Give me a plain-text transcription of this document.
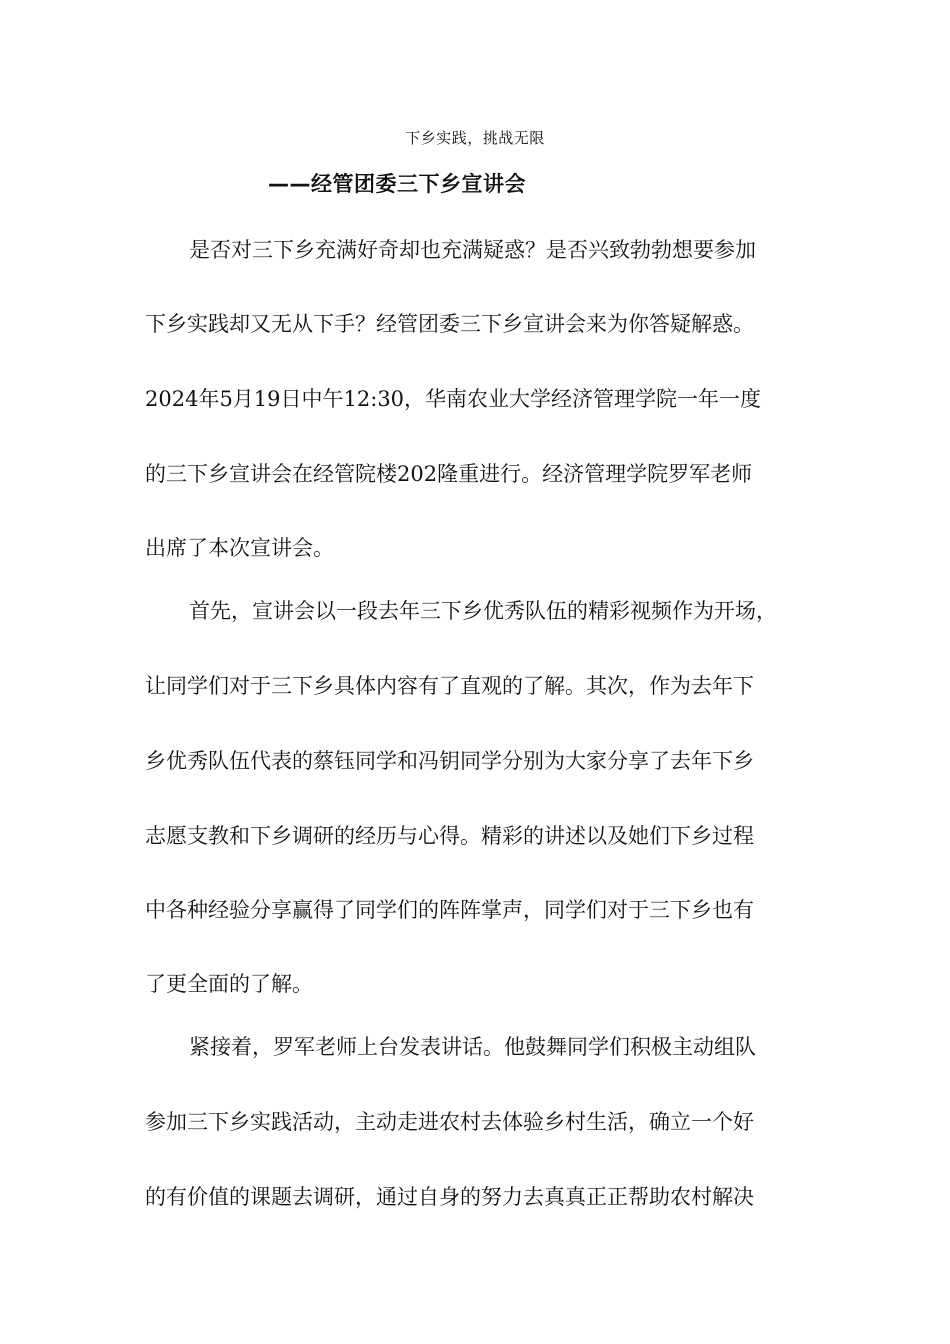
下乡实践，挑战无限
——经管团委三下乡宣讲会
是否对三下乡充满好奇却也充满疑惑？是否兴致勃勃想要参加
下乡实践却又无从下手？经管团委三下乡宣讲会来为你答疑解惑。
2024年5月19日中午12:30，华南农业大学经济管理学院一年一度
的三下乡宣讲会在经管院楼202隆重进行。经济管理学院罗军老师
出席了本次宣讲会。
首先，宣讲会以一段去年三下乡优秀队伍的精彩视频作为开场，
让同学们对于三下乡具体内容有了直观的了解。其次，作为去年下
乡优秀队伍代表的蔡钰同学和冯钥同学分别为大家分享了去年下乡
志愿支教和下乡调研的经历与心得。精彩的讲述以及她们下乡过程
中各种经验分享赢得了同学们的阵阵掌声，同学们对于三下乡也有
了更全面的了解。
紧接着，罗军老师上台发表讲话。他鼓舞同学们积极主动组队
参加三下乡实践活动，主动走进农村去体验乡村生活，确立一个好
的有价值的课题去调研，通过自身的努力去真真正正帮助农村解决
